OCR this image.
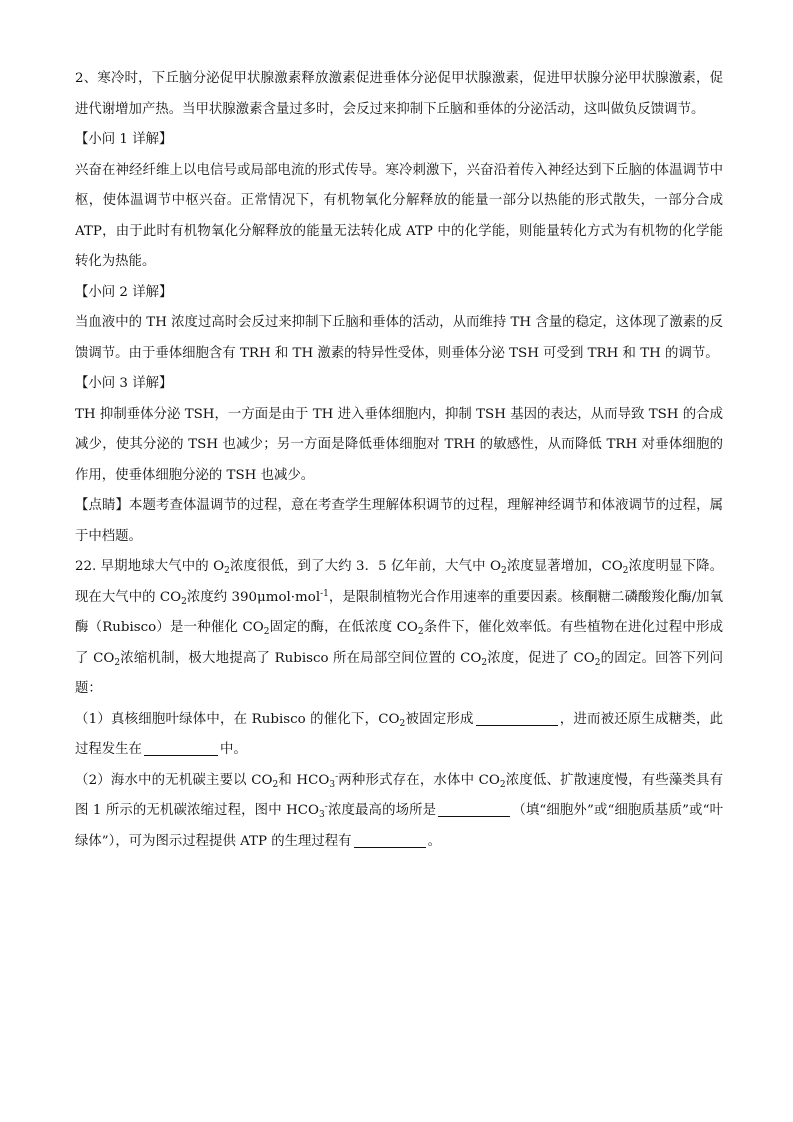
2、寒冷时，下丘脑分泌促甲状腺激素释放激素促进垂体分泌促甲状腺激素，促进甲状腺分泌甲状腺激素，促进代谢增加产热。当甲状腺激素含量过多时，会反过来抑制下丘脑和垂体的分泌活动，这叫做负反馈调节。

【小问 1 详解】

兴奋在神经纤维上以电信号或局部电流的形式传导。寒冷刺激下，兴奋沿着传入神经达到下丘脑的体温调节中枢，使体温调节中枢兴奋。正常情况下，有机物氧化分解释放的能量一部分以热能的形式散失，一部分合成 ATP，由于此时有机物氧化分解释放的能量无法转化成 ATP 中的化学能，则能量转化方式为有机物的化学能转化为热能。

【小问 2 详解】

当血液中的 TH 浓度过高时会反过来抑制下丘脑和垂体的活动，从而维持 TH 含量的稳定，这体现了激素的反馈调节。由于垂体细胞含有 TRH 和 TH 激素的特异性受体，则垂体分泌 TSH 可受到 TRH 和 TH 的调节。

【小问 3 详解】

TH 抑制垂体分泌 TSH，一方面是由于 TH 进入垂体细胞内，抑制 TSH 基因的表达，从而导致 TSH 的合成减少，使其分泌的 TSH 也减少；另一方面是降低垂体细胞对 TRH 的敏感性，从而降低 TRH 对垂体细胞的作用，使垂体细胞分泌的 TSH 也减少。

【点睛】本题考查体温调节的过程，意在考查学生理解体积调节的过程，理解神经调节和体液调节的过程，属于中档题。

22. 早期地球大气中的 $O_2$浓度很低，到了大约 3．5 亿年前，大气中 $O_2$浓度显著增加，$CO_2$浓度明显下降。现在大气中的 $CO_2$浓度约 390μmol·mol$^{-1}$，是限制植物光合作用速率的重要因素。核酮糖二磷酸羧化酶/加氧酶（Rubisco）是一种催化 $CO_2$固定的酶，在低浓度 $CO_2$条件下，催化效率低。有些植物在进化过程中形成了 $CO_2$浓缩机制，极大地提高了 Rubisco 所在局部空间位置的 $CO_2$浓度，促进了 $CO_2$的固定。回答下列问题：

（1）真核细胞叶绿体中，在 Rubisco 的催化下，$CO_2$被固定形成	，进而被还原生成糖类，此过程发生在	中。

（2）海水中的无机碳主要以 $CO_2$和 $HCO_3^-$两种形式存在，水体中 $CO_2$浓度低、扩散速度慢，有些藻类具有图 1 所示的无机碳浓缩过程，图中 $HCO_3^-$浓度最高的场所是	（填“细胞外”或“细胞质基质”或“叶绿体”），可为图示过程提供 ATP 的生理过程有	。
